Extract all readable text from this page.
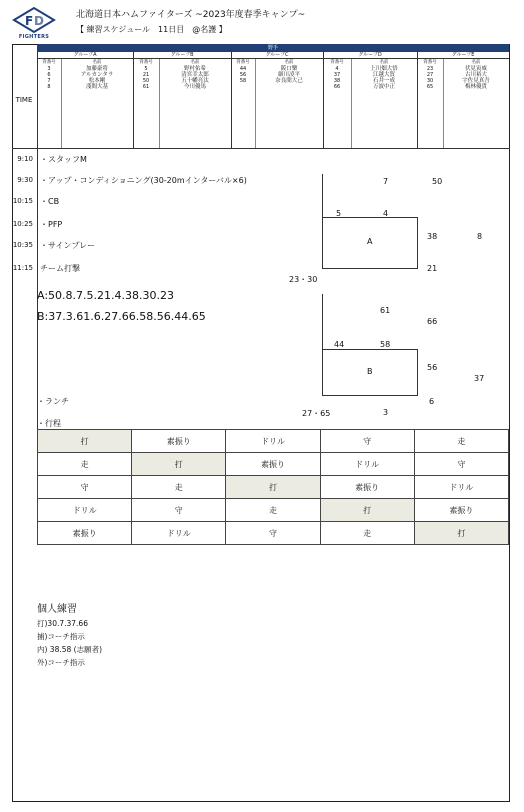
F D
FIGHTERS
北海道日本ハムファイターズ ~2023年度春季キャンプ~
【 練習スケジュール　11日目　@名護 】
野手
グループA
背番号	名前
3	加藤豪将
6	アルカンタラ
7	松本剛
8	淺間大基
グループB
背番号	名前
5	野村佑希
21	清宮幸太郎
50	五十幡亮汰
61	今川優馬
グループC
背番号	名前
44	阪口樂
56	細川凌平
58	奈良間大己
グループD
背番号	名前
4	上川畑大悟
37	江越大賀
38	石井一成
66	万波中正
グループE
背番号	名前
23	伏見寅威
27	古川裕大
30	宇佐見真吾
65	梅林優貴
TIME
9:10 ・スタッフM
9:30 ・アップ・コンディショニング(30-20mインターバル×6)
10:15 ・CB
10:25 ・PFP
10:35 ・サインプレー
11:15 チーム打撃
A
7	50
5	4
38	8
21
23・30
B
61
66
44	58
56
37
6
27・65	3
A:50.8.7.5.21.4.38.30.23
B:37.3.61.6.27.66.58.56.44.65
・ランチ
・行程
打	素振り	ドリル	守	走
走	打	素振り	ドリル	守
守	走	打	素振り	ドリル
ドリル	守	走	打	素振り
素振り	ドリル	守	走	打
個人練習
打)30.7.37.66
捕)コーチ指示
内) 38.58 (志願者)
外)コーチ指示
